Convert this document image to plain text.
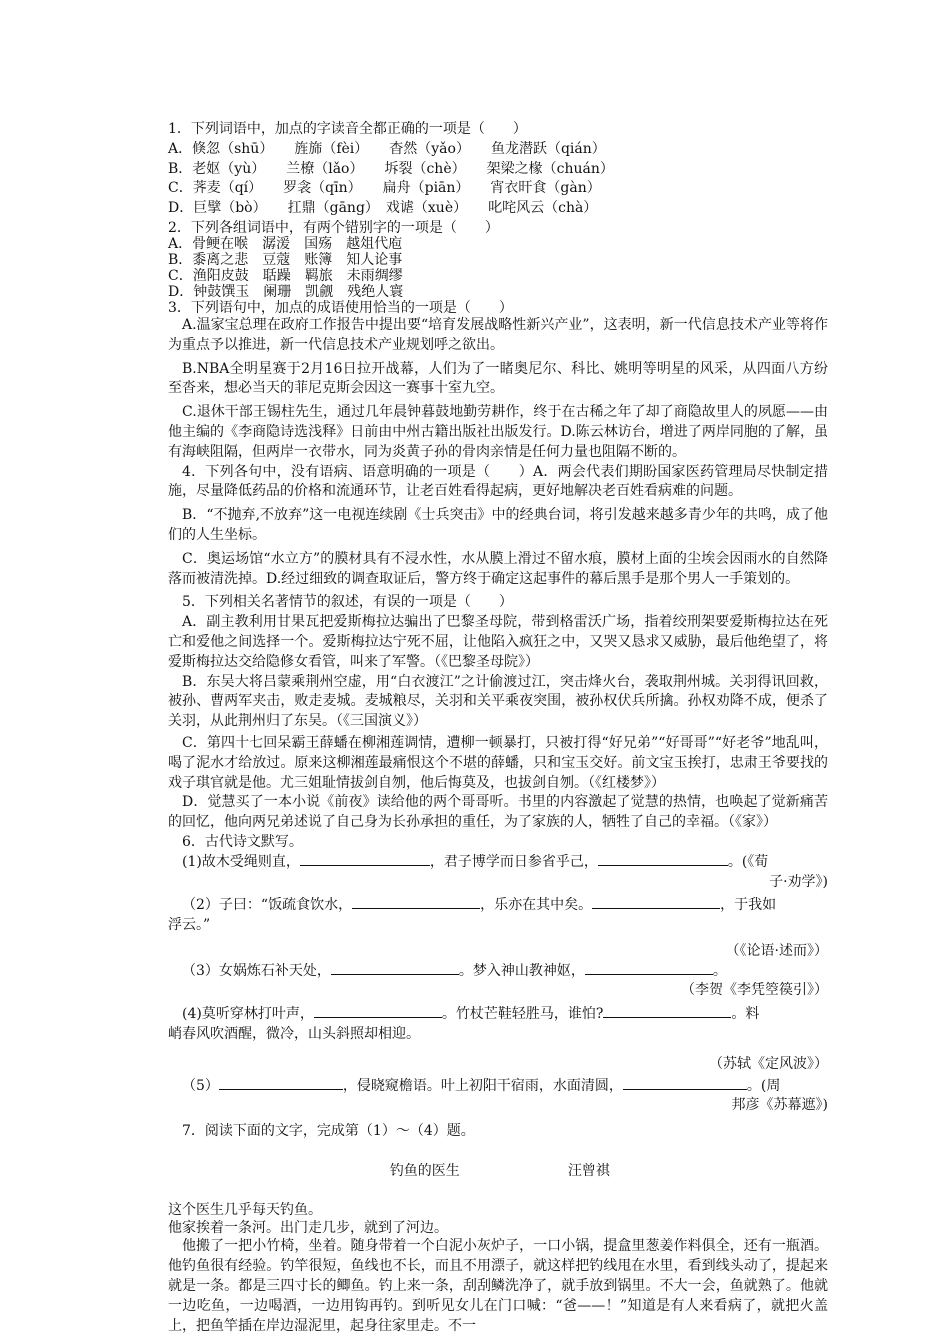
1．下列词语中，加点的字读音全都正确的一项是（　　）

A．倏忽（shū）　　旌旆（fèi）　　杳然（yǎo）　　鱼龙潜跃（qián）

B．老妪（yù）　　兰橑（lǎo）　　坼裂（chè）　　架梁之椽（chuán）

C．荠麦（qí）　　罗衾（qīn）　　扁舟（piān）　　宵衣旰食（gàn）

D．巨擘（bò）　　扛鼎（gāng）　戏谑（xuè）　　叱咤风云（chà）

2．下列各组词语中，有两个错别字的一项是（　　）

A．骨鲠在喉　潺湲　国殇　越俎代庖

B．黍离之悲　豆蔻　账簿　知人论事

C．渔阳皮鼓　聒躁　羁旅　未雨绸缪

D．钟鼓馔玉　阑珊　凯觎　残绝人寰

3．下列语句中，加点的成语使用恰当的一项是（　　）

A.温家宝总理在政府工作报告中提出要“培育发展战略性新兴产业”，这表明，新一代信息技术产业等将作为重点予以推进，新一代信息技术产业规划呼之欲出。

B.NBA全明星赛于2月16日拉开战幕，人们为了一睹奥尼尔、科比、姚明等明星的风采，从四面八方纷至沓来，想必当天的菲尼克斯会因这一赛事十室九空。

C.退休干部王锡柱先生，通过几年晨钟暮鼓地勤劳耕作，终于在古稀之年了却了商隐故里人的夙愿——由他主编的《李商隐诗选浅释》日前由中州古籍出版社出版发行。D.陈云林访台，增进了两岸同胞的了解，虽有海峡阻隔，但两岸一衣带水，同为炎黄子孙的骨肉亲情是任何力量也阻隔不断的。

4．下列各句中，没有语病、语意明确的一项是（　　）A．两会代表们期盼国家医药管理局尽快制定措施，尽量降低药品的价格和流通环节，让老百姓看得起病，更好地解决老百姓看病难的问题。

B．“不抛弃,不放弃”这一电视连续剧《士兵突击》中的经典台词，将引发越来越多青少年的共鸣，成了他们的人生坐标。

C．奥运场馆“水立方”的膜材具有不浸水性，水从膜上滑过不留水痕，膜材上面的尘埃会因雨水的自然降落而被清洗掉。D.经过细致的调查取证后，警方终于确定这起事件的幕后黑手是那个男人一手策划的。

5．下列相关名著情节的叙述，有误的一项是（　　）

A．副主教利用甘果瓦把爱斯梅拉达骗出了巴黎圣母院，带到格雷沃广场，指着绞刑架要爱斯梅拉达在死亡和爱他之间选择一个。爱斯梅拉达宁死不屈，让他陷入疯狂之中，又哭又恳求又威胁，最后他绝望了，将爱斯梅拉达交给隐修女看管，叫来了军警。（《巴黎圣母院》）

B．东吴大将吕蒙乘荆州空虚，用“白衣渡江”之计偷渡过江，突击烽火台，袭取荆州城。关羽得讯回救，被孙、曹两军夹击，败走麦城。麦城粮尽，关羽和关平乘夜突围，被孙权伏兵所擒。孙权劝降不成，便杀了关羽，从此荆州归了东吴。（《三国演义》）

C．第四十七回呆霸王薛蟠在柳湘莲调情，遭柳一顿暴打，只被打得“好兄弟”“好哥哥”“好老爷”地乱叫，喝了泥水才给放过。原来这柳湘莲最痛恨这个不堪的薛蟠，只和宝玉交好。前文宝玉挨打，忠肃王爷要找的戏子琪官就是他。尤三姐耻情拔剑自刎，他后悔莫及，也拔剑自刎。（《红楼梦》）

D．觉慧买了一本小说《前夜》读给他的两个哥哥听。书里的内容激起了觉慧的热情，也唤起了觉新痛苦的回忆，他向两兄弟述说了自己身为长孙承担的重任，为了家族的人，牺牲了自己的幸福。（《家》）

6．古代诗文默写。

(1)故木受绳则直，	，君子博学而日参省乎己，	。(《荀

子·劝学》)

（2）子曰：“饭疏食饮水，	，乐亦在其中矣。	，于我如

浮云。”

（《论语·述而》）

（3）女娲炼石补天处，	。梦入神山教神妪，	。

（李贺《李凭箜篌引》）

(4)莫听穿林打叶声，	。竹杖芒鞋轻胜马，谁怕?	。料

峭春风吹酒醒，微冷，山头斜照却相迎。

（苏轼《定风波》）

（5）	，侵晓窥檐语。叶上初阳干宿雨，水面清圆，	。(周

邦彦《苏幕遮》)

7．阅读下面的文字，完成第（1）～（4）题。

钓鱼的医生	汪曾祺

这个医生几乎每天钓鱼。

他家挨着一条河。出门走几步，就到了河边。

他搬了一把小竹椅，坐着。随身带着一个白泥小灰炉子，一口小锅，提盒里葱姜作料俱全，还有一瓶酒。他钓鱼很有经验。钓竿很短，鱼线也不长，而且不用漂子，就这样把钓线甩在水里，看到线头动了，提起来就是一条。都是三四寸长的鲫鱼。钓上来一条，刮刮鳞洗净了，就手放到锅里。不大一会，鱼就熟了。他就一边吃鱼，一边喝酒，一边用钩再钓。到听见女儿在门口喊：“爸——！”知道是有人来看病了，就把火盖上，把鱼竿插在岸边湿泥里，起身往家里走。不一
